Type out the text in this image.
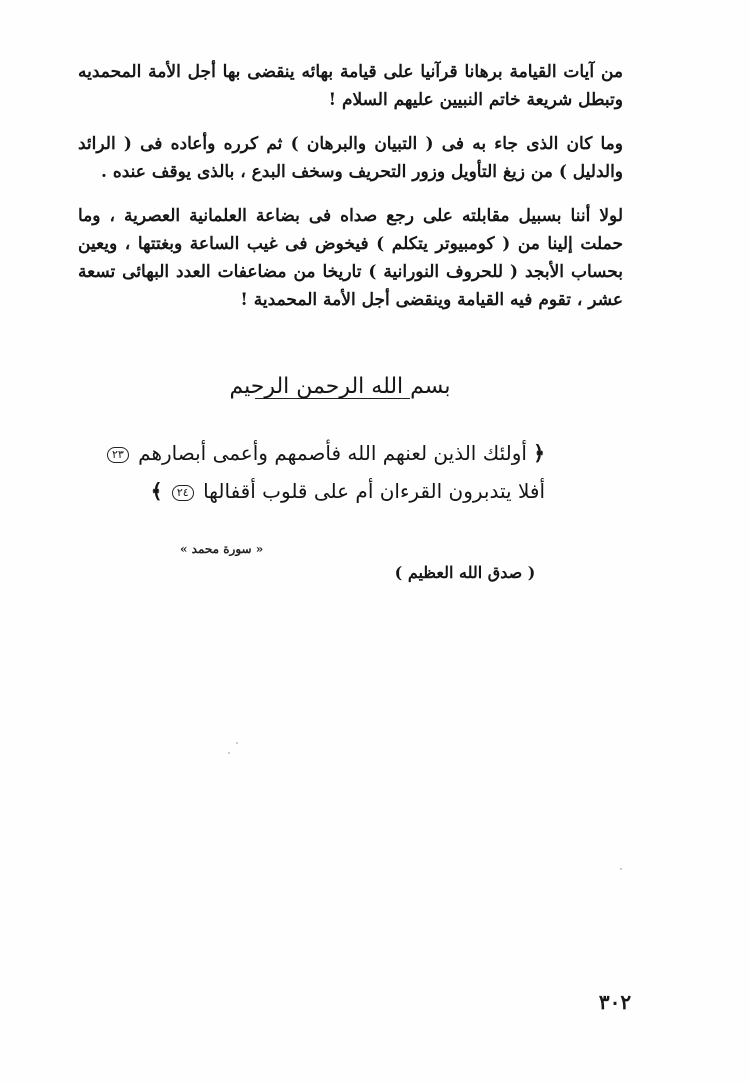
من آيات القيامة برهانا قرآنيا على قيامة بهائه ينقضى بها أجل الأمة المحمديه وتبطل شريعة خاتم النبيين عليهم السلام !

وما كان الذى جاء به فى ( التبيان والبرهان ) ثم كرره وأعاده فى ( الرائد والدليل ) من زيغ التأويل وزور التحريف وسخف البدع ، بالذى يوقف عنده .

لولا أننا بسبيل مقابلته على رجع صداه فى بضاعة العلمانية العصرية ، وما حملت إلينا من ( كومبيوتر يتكلم ) فيخوض فى غيب الساعة وبغتتها ، ويعين بحساب الأبجد ( للحروف النورانية ) تاريخا من مضاعفات العدد البهائى تسعة عشر ، تقوم فيه القيامة وينقضى أجل الأمة المحمدية !

بسم الله الرحمن الرحيم
﴿ أولئك الذين لعنهم الله فأصمهم وأعمى أبصارهم ٢٣
أفلا يتدبرون القرءان أم على قلوب أقفالها ٢٤ ﴾
« سورة محمد »
( صدق الله العظيم )
٣٠٢
